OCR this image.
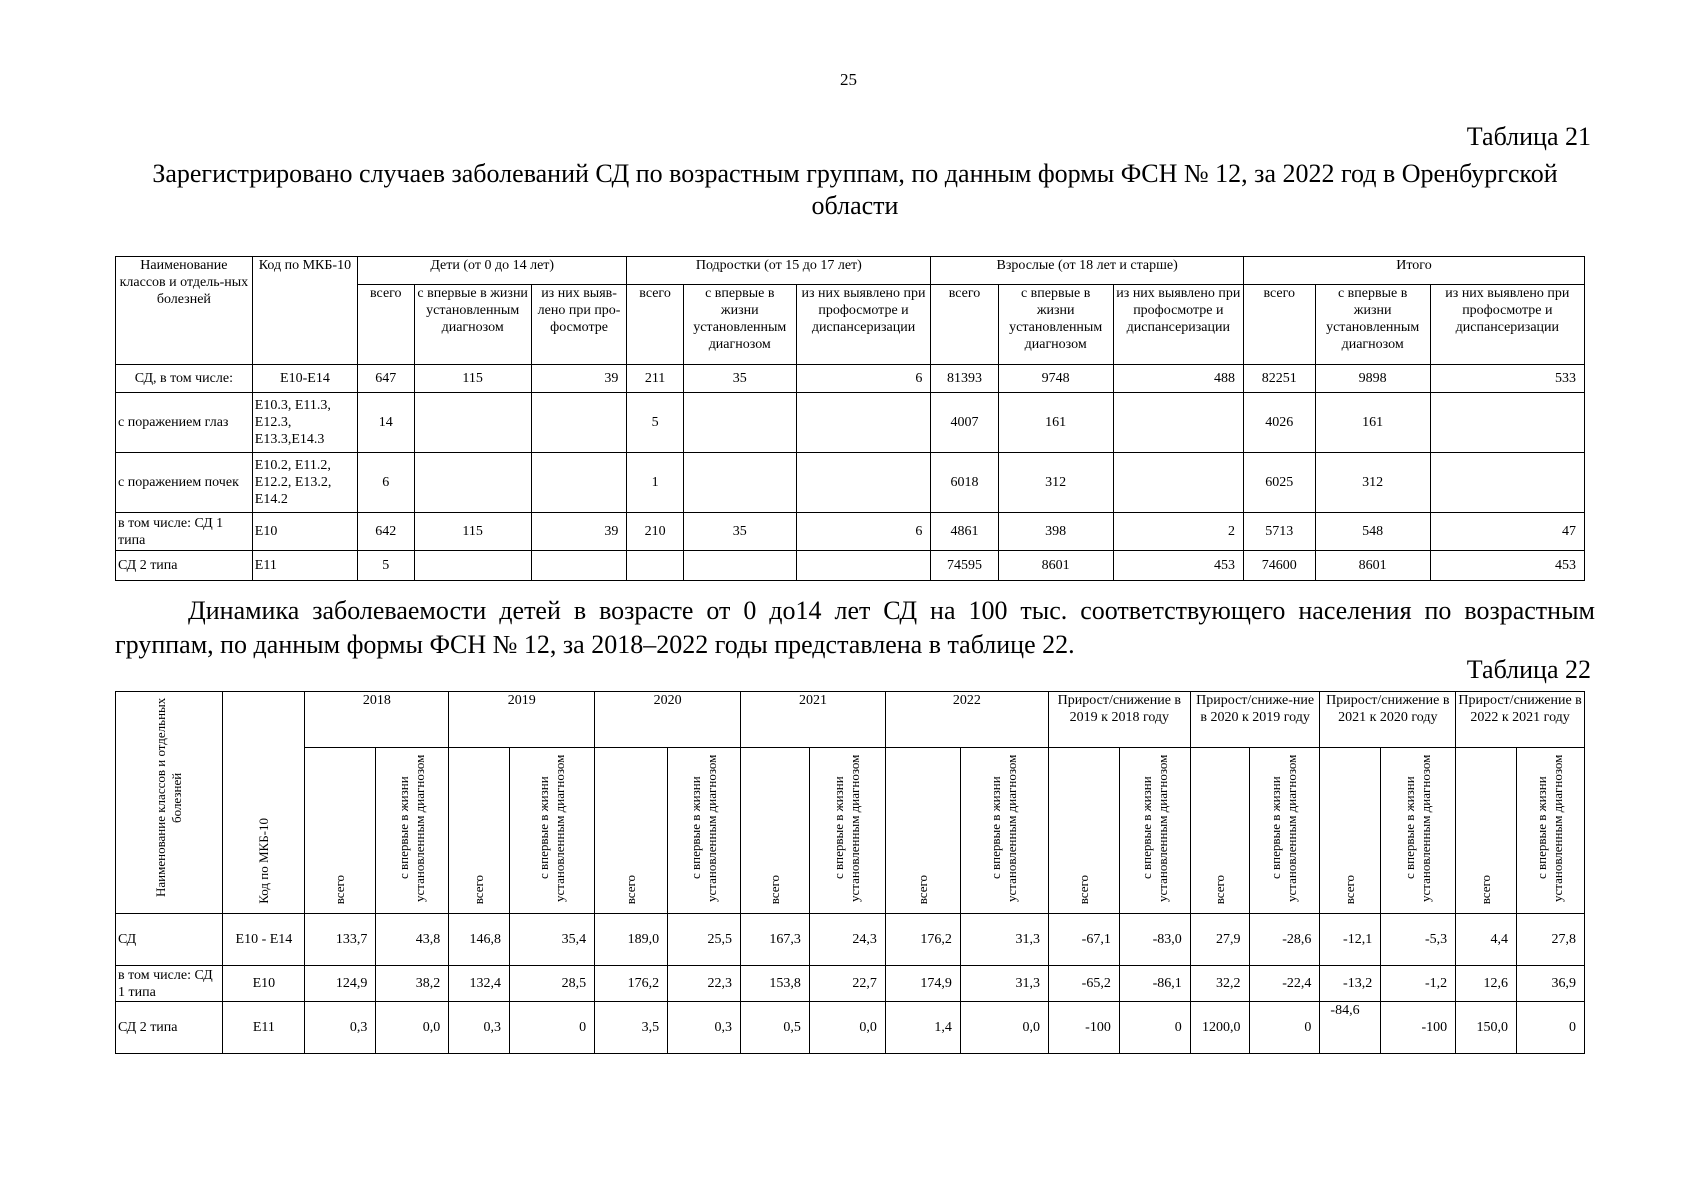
25
Таблица 21
Зарегистрировано случаев заболеваний СД по возрастным группам, по данным формы ФСН № 12, за 2022 год в Оренбургской области
Наименование классов и отдель-ных болезней	Код по МКБ-10	Дети (от 0 до 14 лет)			Подростки (от 15 до 17 лет)			Взрослые (от 18 лет и старше)			Итого		
		всего	с впервые в жизни установленным диагнозом	из них выяв-лено при про-фосмотре	всего	с впервые в жизни установленным диагнозом	из них выявлено при профосмотре и диспансеризации	всего	с впервые в жизни установленным диагнозом	из них выявлено при профосмотре и диспансеризации	всего	с впервые в жизни установленным диагнозом	из них выявлено при профосмотре и диспансеризации
СД, в том числе:	Е10-Е14	647	115	39	211	35	6	81393	9748	488	82251	9898	533
с поражением глаз	Е10.3, Е11.3, Е12.3, Е13.3,Е14.3	14			5			4007	161		4026	161	
с поражением почек	Е10.2, Е11.2, Е12.2, Е13.2, Е14.2	6			1			6018	312		6025	312	
в том числе: СД 1 типа	Е10	642	115	39	210	35	6	4861	398	2	5713	548	47
СД 2 типа	Е11	5						74595	8601	453	74600	8601	453
Динамика заболеваемости детей в возрасте от 0 до14 лет СД на 100 тыс. соответствующего населения по возрастным группам, по данным формы ФСН № 12, за 2018–2022 годы представлена в таблице 22.
Таблица 22
Наименование классов и отдельных болезней	Код по МКБ-10	2018		2019		2020		2021		2022		Прирост/снижение в 2019 к 2018 году		Прирост/сниже-ние в 2020 к 2019 году		Прирост/снижение в 2021 к 2020 году		Прирост/снижение в 2022 к 2021 году	
		всего	с впервые в жизни установленным диагнозом	всего	с впервые в жизни установленным диагнозом	всего	с впервые в жизни установленным диагнозом	всего	с впервые в жизни установленным диагнозом	всего	с впервые в жизни установленным диагнозом	всего	с впервые в жизни установленным диагнозом	всего	с впервые в жизни установленным диагнозом	всего	с впервые в жизни установленным диагнозом	всего	с впервые в жизни установленным диагнозом
СД	Е10 - Е14	133,7	43,8	146,8	35,4	189,0	25,5	167,3	24,3	176,2	31,3	-67,1	-83,0	27,9	-28,6	-12,1	-5,3	4,4	27,8
в том числе: СД 1 типа	Е10	124,9	38,2	132,4	28,5	176,2	22,3	153,8	22,7	174,9	31,3	-65,2	-86,1	32,2	-22,4	-13,2	-1,2	12,6	36,9
СД 2 типа	Е11	0,3	0,0	0,3	0	3,5	0,3	0,5	0,0	1,4	0,0	-100	0	1200,0	0	-84,6	-100	150,0	0
